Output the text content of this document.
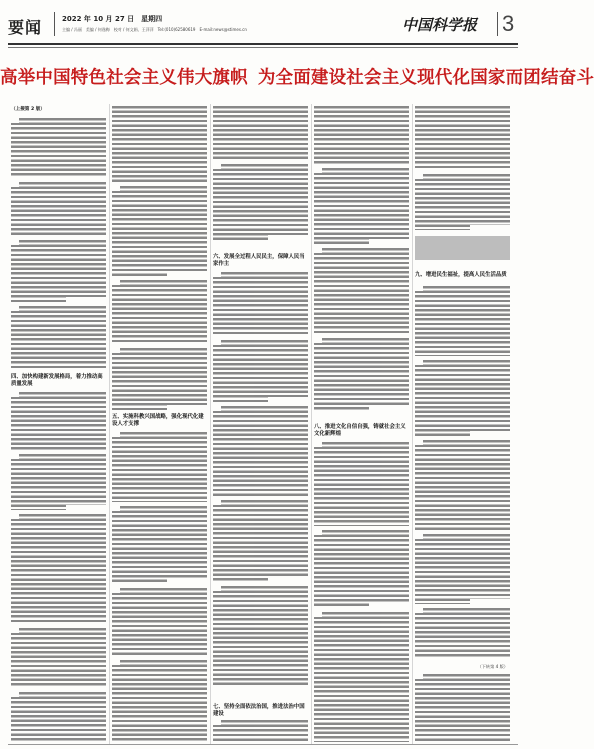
要闻	2022 年 10 月 27 日　星期四
主编 / 冯丽　美编 / 何逸梅　校对 / 何文娟、王萍萍　Tel:(010)62580619　E-mail:news@stimes.cn	中国科学报 3
高举中国特色社会主义伟大旗帜 为全面建设社会主义现代化国家而团结奋斗
（上接第 2 版）
四、加快构建新发展格局，着力推动高质量发展
五、实施科教兴国战略，强化现代化建设人才支撑
六、发展全过程人民民主，保障人民当家作主
七、坚持全面依法治国，推进法治中国建设
八、推进文化自信自强，铸就社会主义文化新辉煌
九、增进民生福祉，提高人民生活品质
（下转第 4 版）
